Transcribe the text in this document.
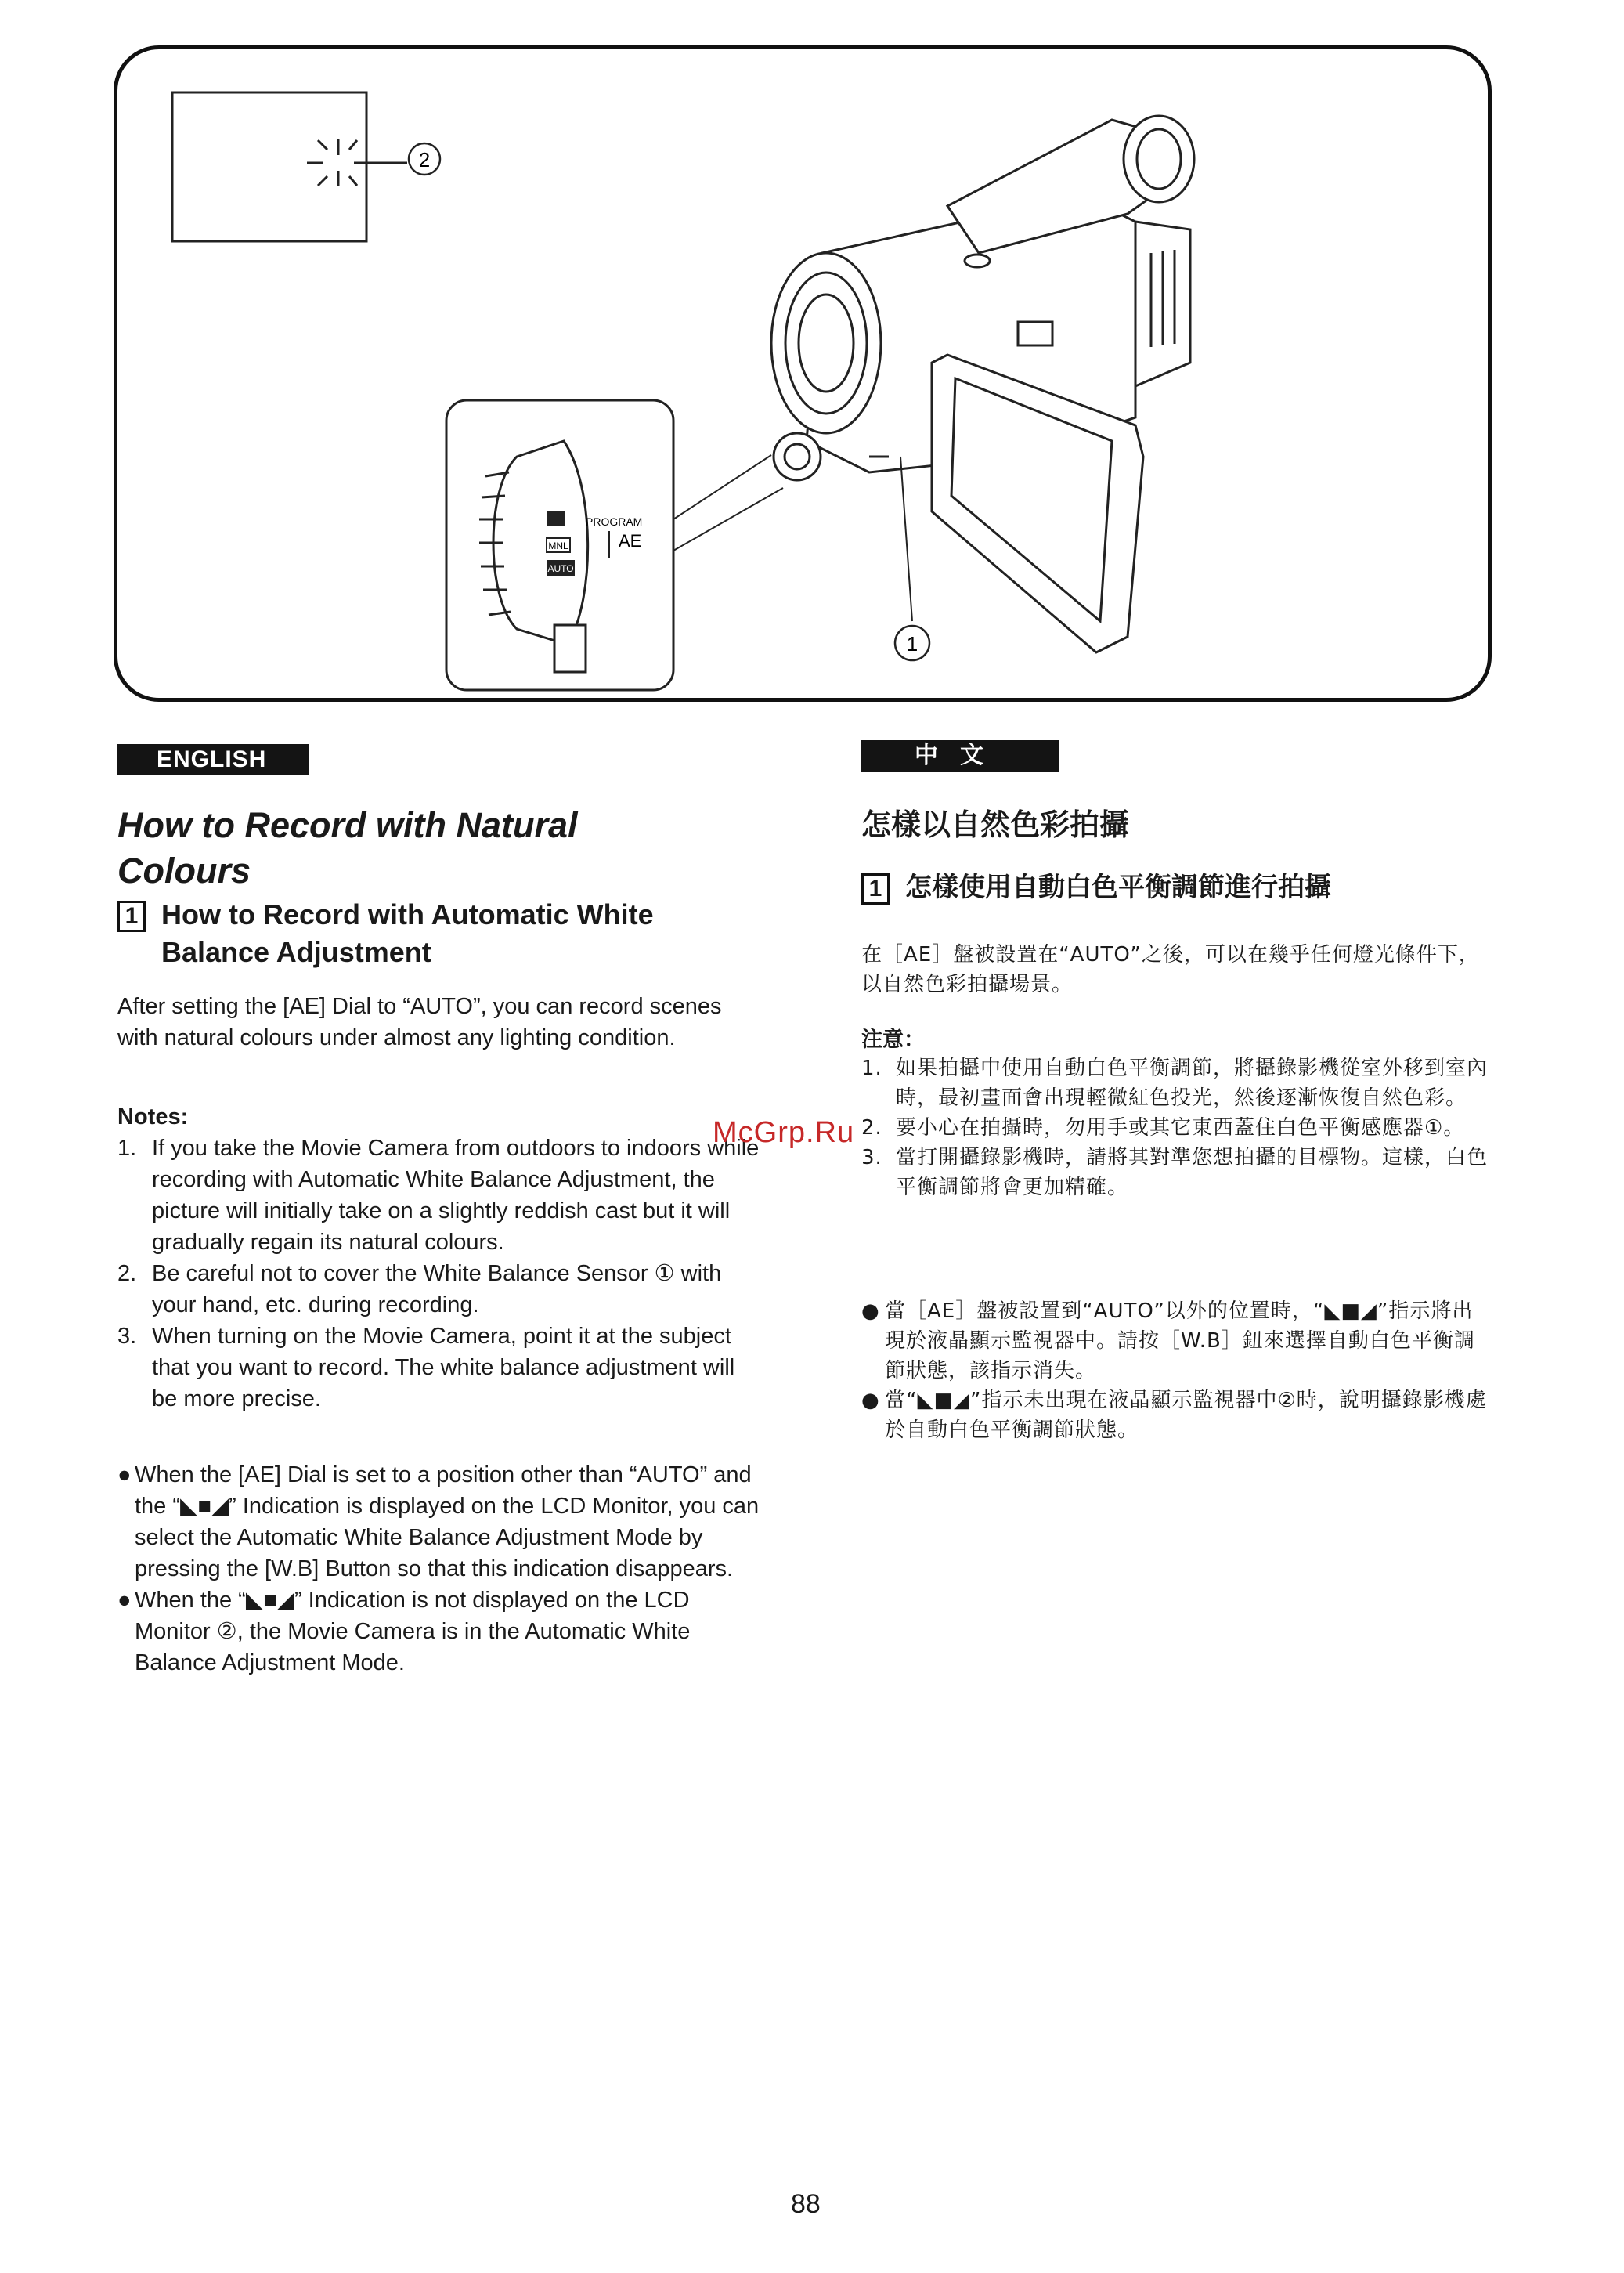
2
PROGRAM
AE
MNL
AUTO
1
ENGLISH
How to Record with Natural Colours
1 How to Record with Automatic White Balance Adjustment

After setting the [AE] Dial to “AUTO”, you can record scenes with natural colours under almost any lighting condition.

Notes:
1. If you take the Movie Camera from outdoors to indoors while recording with Automatic White Balance Adjustment, the picture will initially take on a slightly reddish cast but it will gradually regain its natural colours.
2. Be careful not to cover the White Balance Sensor ① with your hand, etc. during recording.
3. When turning on the Movie Camera, point it at the subject that you want to record. The white balance adjustment will be more precise.
● When the [AE] Dial is set to a position other than “AUTO” and the “◣■◢” Indication is displayed on the LCD Monitor, you can select the Automatic White Balance Adjustment Mode by pressing the [W.B] Button so that this indication disappears.
● When the “◣■◢” Indication is not displayed on the LCD Monitor ②, the Movie Camera is in the Automatic White Balance Adjustment Mode.
中文
怎樣以自然色彩拍攝
1 怎樣使用自動白色平衡調節進行拍攝

在［AE］盤被設置在“AUTO”之後，可以在幾乎任何燈光條件下，以自然色彩拍攝場景。

注意：
1. 如果拍攝中使用自動白色平衡調節，將攝錄影機從室外移到室內時，最初畫面會出現輕微紅色投光，然後逐漸恢復自然色彩。
2. 要小心在拍攝時，勿用手或其它東西蓋住白色平衡感應器①。
3. 當打開攝錄影機時，請將其對準您想拍攝的目標物。這樣，白色平衡調節將會更加精確。
● 當［AE］盤被設置到“AUTO”以外的位置時，“◣■◢”指示將出現於液晶顯示監視器中。請按［W.B］鈕來選擇自動白色平衡調節狀態，該指示消失。
● 當“◣■◢”指示未出現在液晶顯示監視器中②時，說明攝錄影機處於自動白色平衡調節狀態。
McGrp.Ru
88
